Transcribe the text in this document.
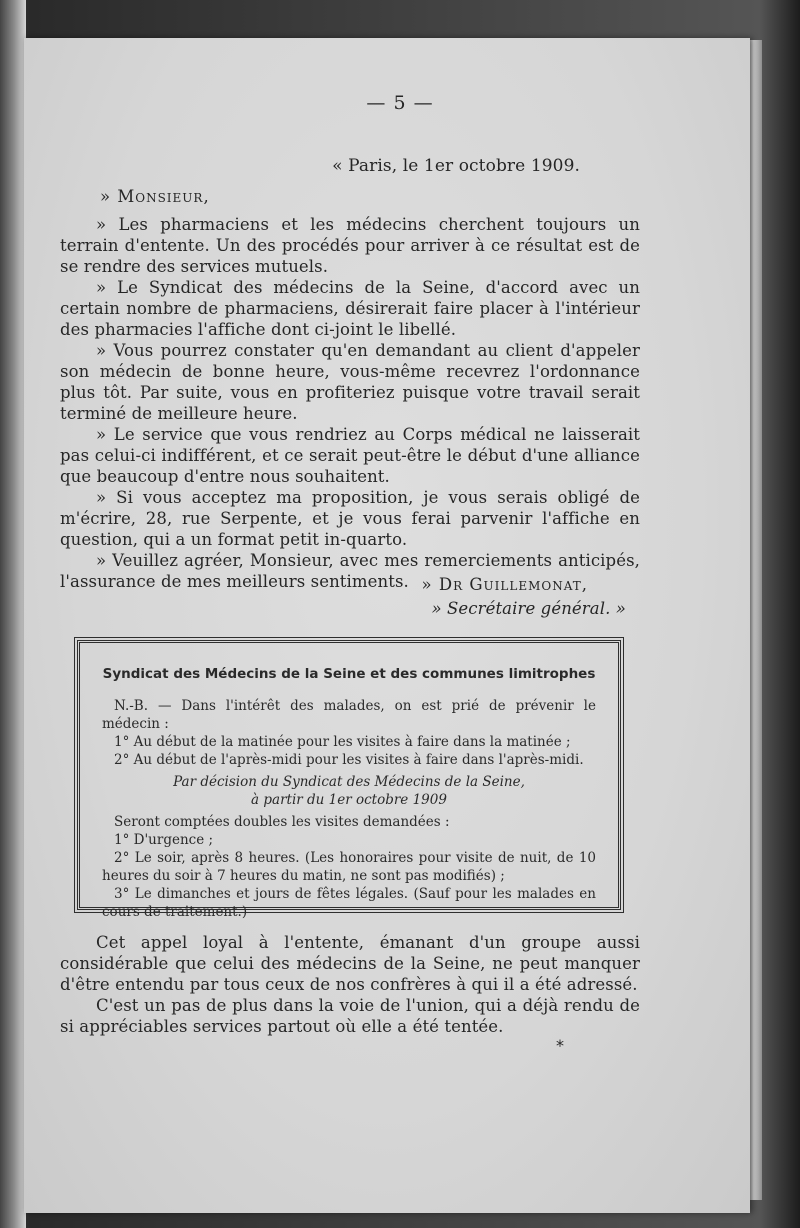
— 5 —
« Paris, le 1er octobre 1909.
» Monsieur,

» Les pharmaciens et les médecins cherchent toujours un terrain d'entente. Un des procédés pour arriver à ce résultat est de se rendre des services mutuels.

» Le Syndicat des médecins de la Seine, d'accord avec un certain nombre de pharmaciens, désirerait faire placer à l'intérieur des pharmacies l'affiche dont ci-joint le libellé.

» Vous pourrez constater qu'en demandant au client d'appeler son médecin de bonne heure, vous-même recevrez l'ordonnance plus tôt. Par suite, vous en profiteriez puisque votre travail serait terminé de meilleure heure.

» Le service que vous rendriez au Corps médical ne laisserait pas celui-ci indifférent, et ce serait peut-être le début d'une alliance que beaucoup d'entre nous souhaitent.

» Si vous acceptez ma proposition, je vous serais obligé de m'écrire, 28, rue Serpente, et je vous ferai parvenir l'affiche en question, qui a un format petit in-quarto.

» Veuillez agréer, Monsieur, avec mes remerciements anticipés, l'assurance de mes meilleurs sentiments. » Dr Guillemonat,
» Secrétaire général. »
Syndicat des Médecins de la Seine et des communes limitrophes

N.-B. — Dans l'intérêt des malades, on est prié de prévenir le médecin :

1° Au début de la matinée pour les visites à faire dans la matinée ;

2° Au début de l'après-midi pour les visites à faire dans l'après-midi.

Par décision du Syndicat des Médecins de la Seine,
à partir du 1er octobre 1909

Seront comptées doubles les visites demandées :

1° D'urgence ;

2° Le soir, après 8 heures. (Les honoraires pour visite de nuit, de 10 heures du soir à 7 heures du matin, ne sont pas modifiés) ;

3° Le dimanches et jours de fêtes légales. (Sauf pour les malades en cours de traitement.)

Cet appel loyal à l'entente, émanant d'un groupe aussi considérable que celui des médecins de la Seine, ne peut manquer d'être entendu par tous ceux de nos confrères à qui il a été adressé.

C'est un pas de plus dans la voie de l'union, qui a déjà rendu de si appréciables services partout où elle a été tentée.

*
